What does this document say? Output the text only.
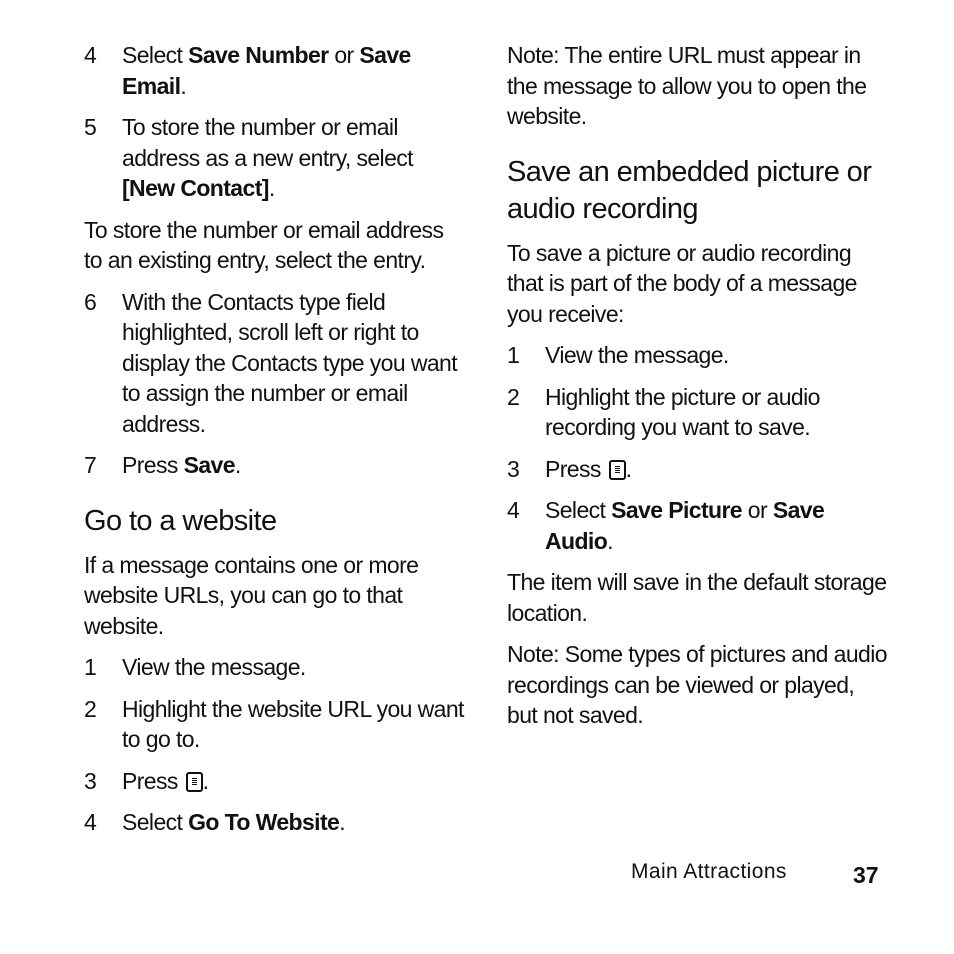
4 Select Save Number or Save Email.
5 To store the number or email address as a new entry, select [New Contact].

To store the number or email address to an existing entry, select the entry.

6 With the Contacts type field highlighted, scroll left or right to display the Contacts type you want to assign the number or email address.
7 Press Save.
Go to a website

If a message contains one or more website URLs, you can go to that website.

1 View the message.
2 Highlight the website URL you want to go to.
3 Press .
4 Select Go To Website.

Note: The entire URL must appear in the message to allow you to open the website.

Save an embedded picture or audio recording

To save a picture or audio recording that is part of the body of a message you receive:

1 View the message.
2 Highlight the picture or audio recording you want to save.
3 Press .
4 Select Save Picture or Save Audio.

The item will save in the default storage location.

Note: Some types of pictures and audio recordings can be viewed or played, but not saved.

Main Attractions	37
